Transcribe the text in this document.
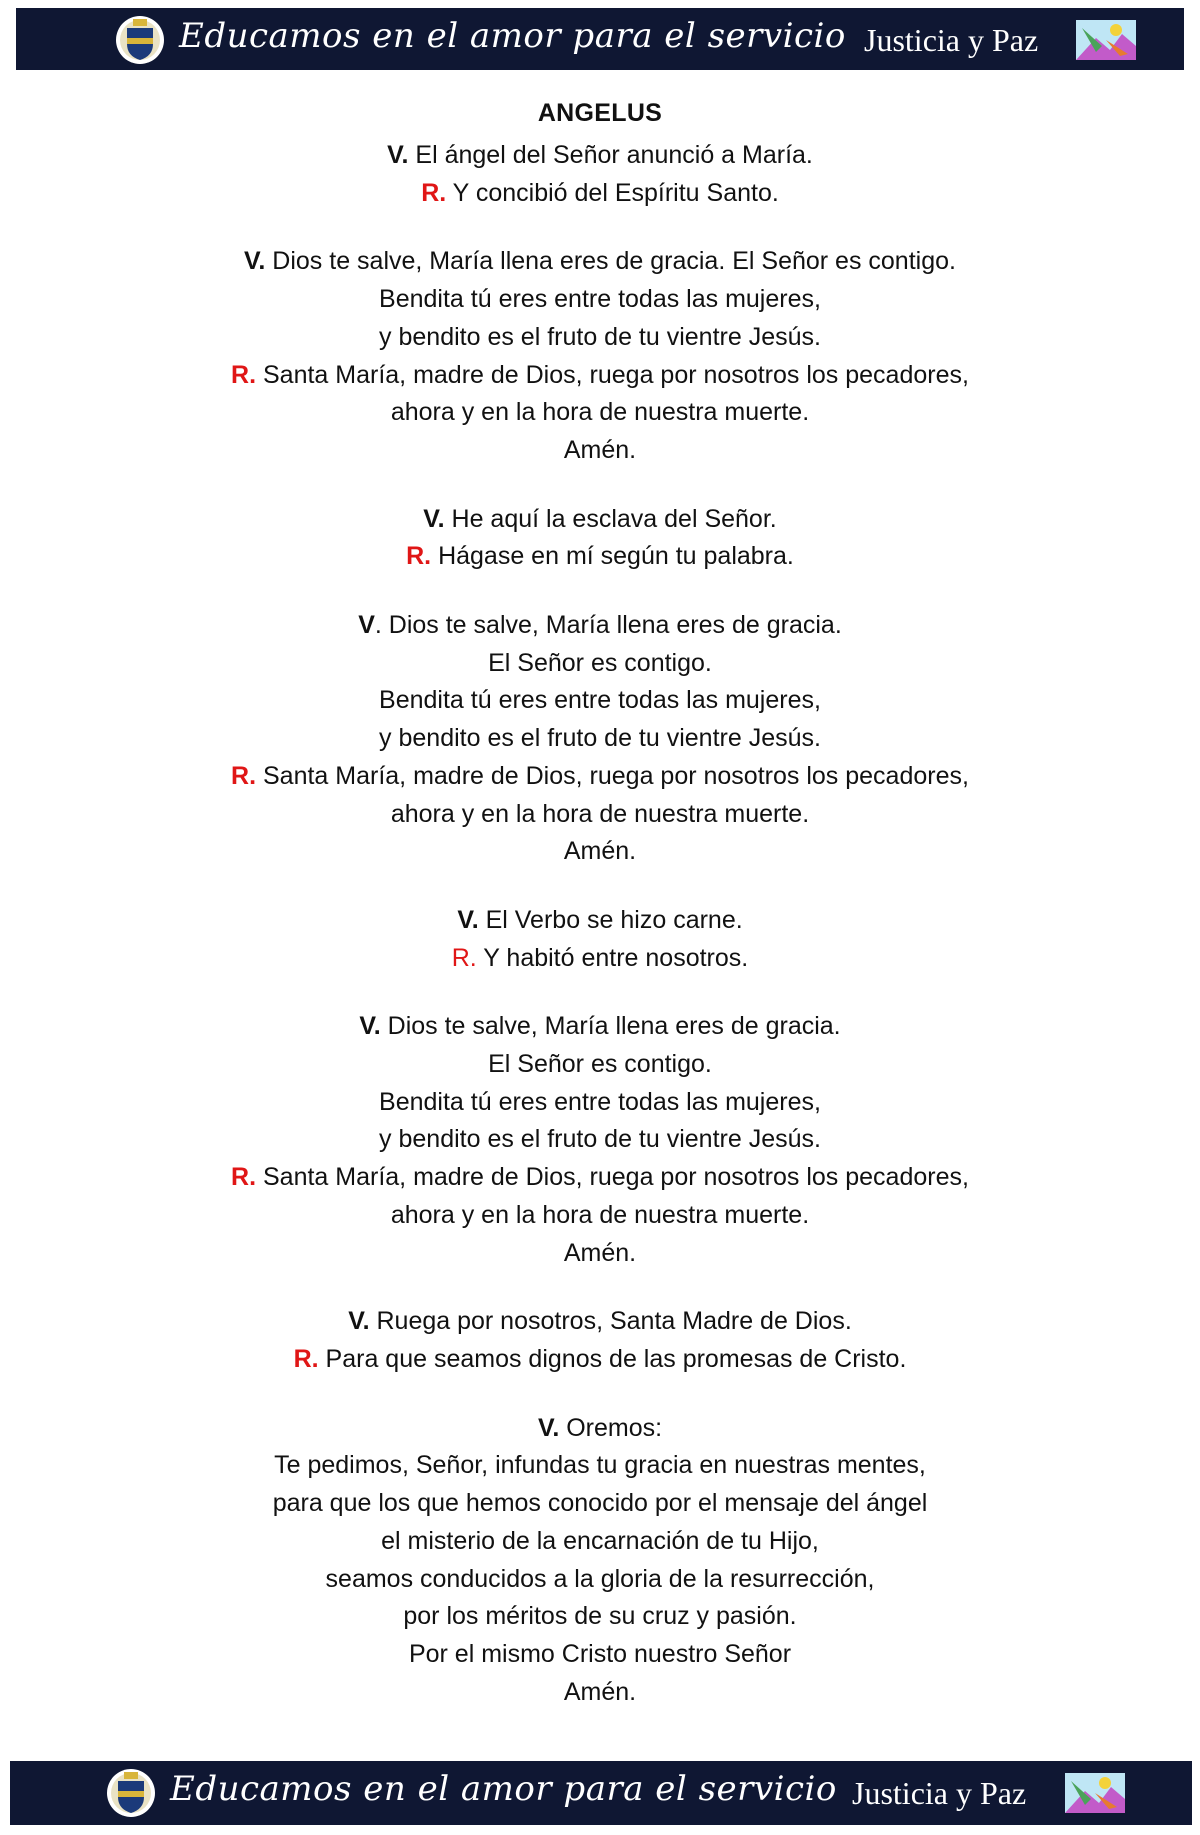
Educamos en el amor para el servicio Justicia y Paz
ANGELUS
V. El ángel del Señor anunció a María.
R. Y concibió del Espíritu Santo.
V. Dios te salve, María llena eres de gracia. El Señor es contigo.
Bendita tú eres entre todas las mujeres,
y bendito es el fruto de tu vientre Jesús.
R. Santa María, madre de Dios, ruega por nosotros los pecadores,
ahora y en la hora de nuestra muerte.
Amén.
V. He aquí la esclava del Señor.
R. Hágase en mí según tu palabra.
V. Dios te salve, María llena eres de gracia.
El Señor es contigo.
Bendita tú eres entre todas las mujeres,
y bendito es el fruto de tu vientre Jesús.
R. Santa María, madre de Dios, ruega por nosotros los pecadores,
ahora y en la hora de nuestra muerte.
Amén.
V. El Verbo se hizo carne.
R. Y habitó entre nosotros.
V. Dios te salve, María llena eres de gracia.
El Señor es contigo.
Bendita tú eres entre todas las mujeres,
y bendito es el fruto de tu vientre Jesús.
R. Santa María, madre de Dios, ruega por nosotros los pecadores,
ahora y en la hora de nuestra muerte.
Amén.
V. Ruega por nosotros, Santa Madre de Dios.
R. Para que seamos dignos de las promesas de Cristo.
V. Oremos:
Te pedimos, Señor, infundas tu gracia en nuestras mentes,
para que los que hemos conocido por el mensaje del ángel
el misterio de la encarnación de tu Hijo,
seamos conducidos a la gloria de la resurrección,
por los méritos de su cruz y pasión.
Por el mismo Cristo nuestro Señor
Amén.
Educamos en el amor para el servicio Justicia y Paz
